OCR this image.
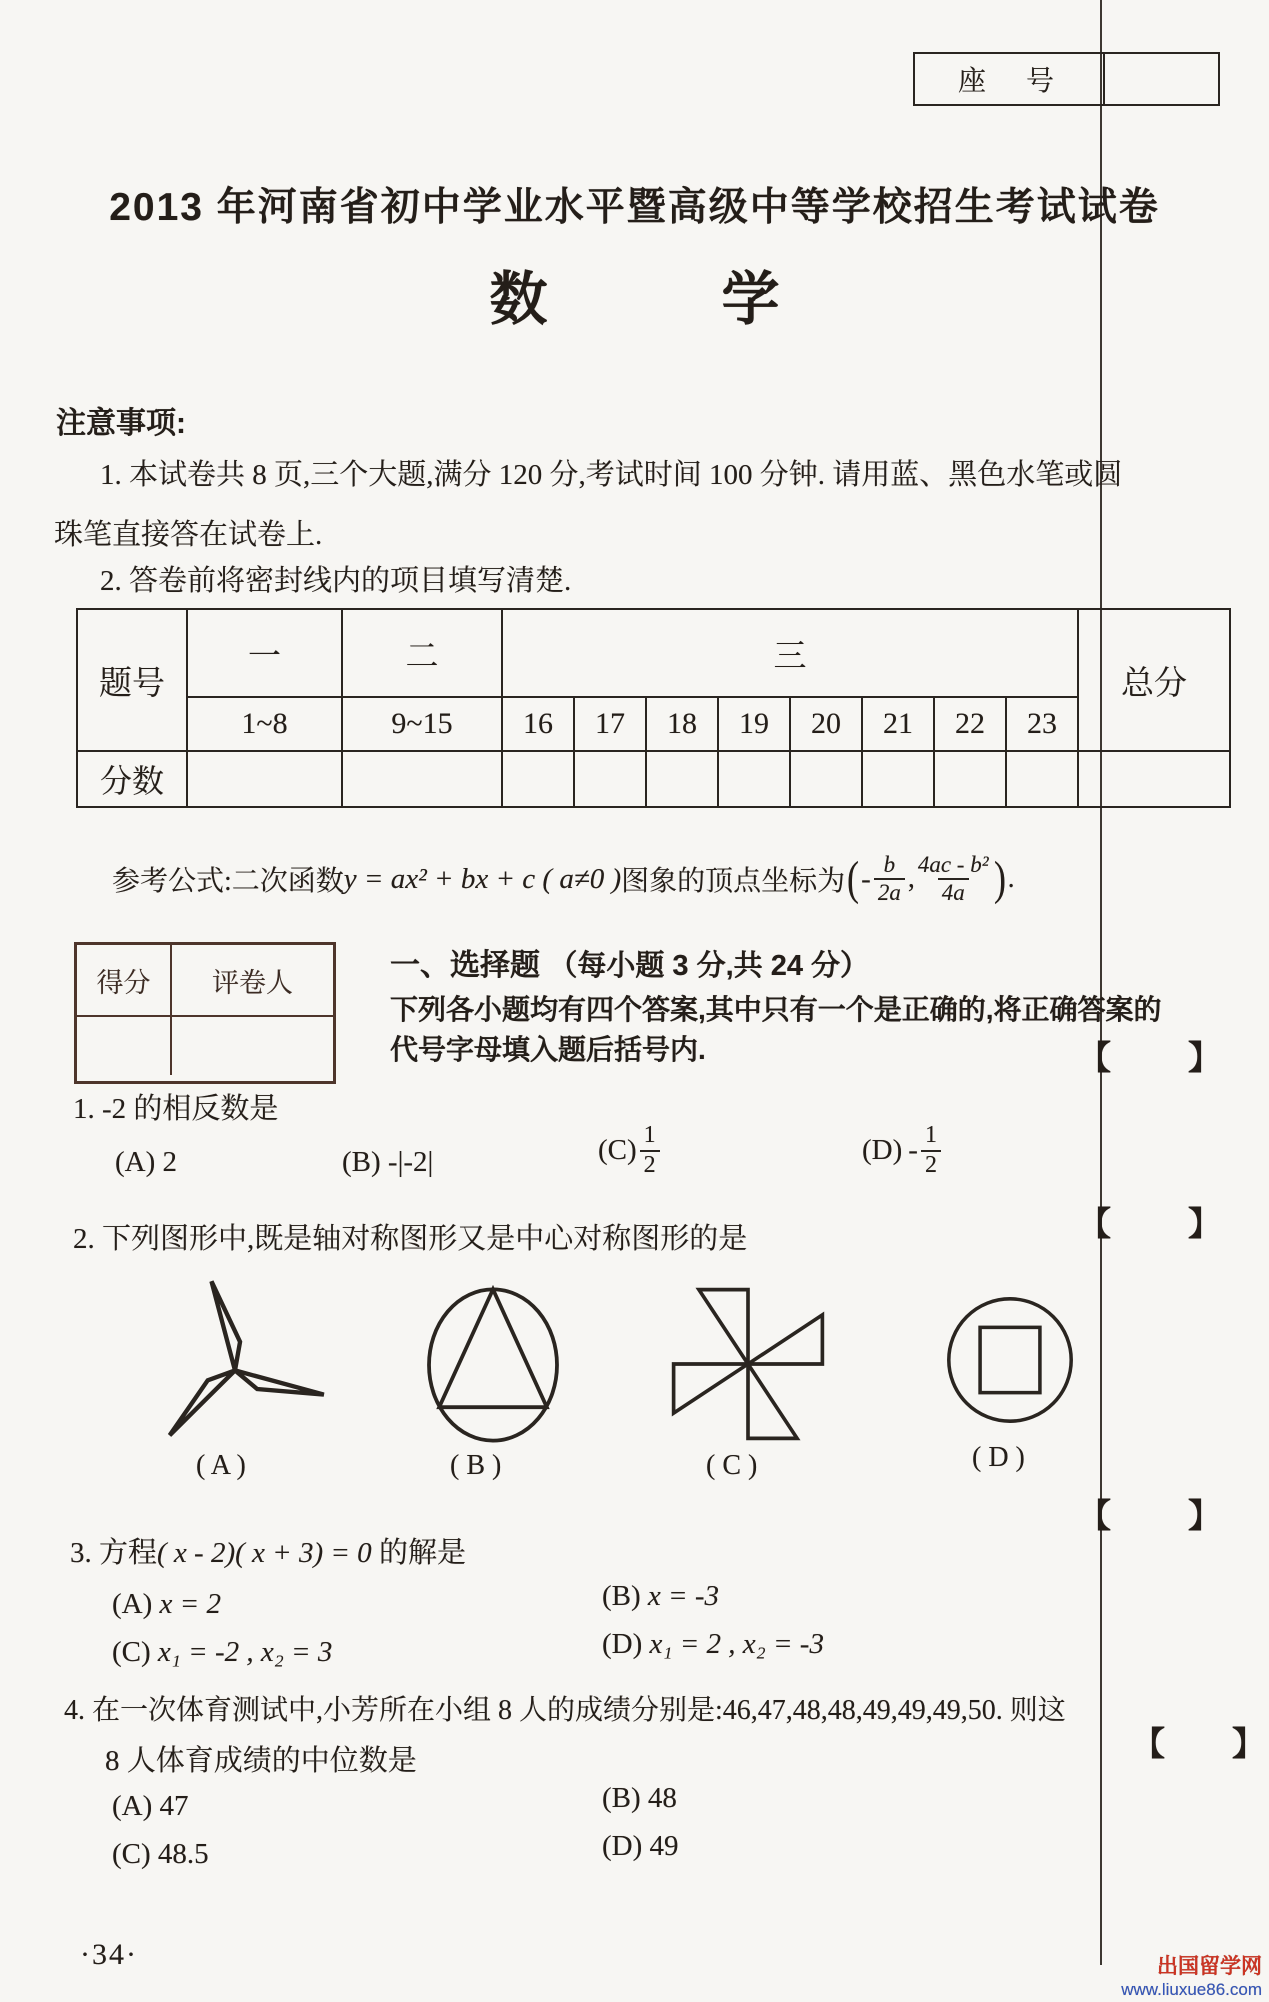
座　号
2013 年河南省初中学业水平暨高级中等学校招生考试试卷
数　　　学
注意事项:
1. 本试卷共 8 页,三个大题,满分 120 分,考试时间 100 分钟. 请用蓝、黑色水笔或圆
珠笔直接答在试卷上.
2. 答卷前将密封线内的项目填写清楚.
题号	一	二	三								总分
	1~8	9~15	16	17	18	19	20	21	22	23	
分数											
参考公式:二次函数 y = ax² + bx + c ( a≠0 ) 图象的顶点坐标为 ( - $\frac{b}{2a}$ , $\frac{\text{4ac - b²}}{4a}$ ) .
得分	评卷人
一、选择题 （每小题 3 分,共 24 分）
下列各小题均有四个答案,其中只有一个是正确的,将正确答案的
代号字母填入题后括号内.	【 】
1. -2 的相反数是
(A) 2	(B) -|-2|	$(C) \frac{1}{2}$	$(D) - \frac{1}{2}$
【 】
2. 下列图形中,既是轴对称图形又是中心对称图形的是
( A )	( B )	( C )	( D )
【 】
3. 方程( x - 2)( x + 3) = 0 的解是
(A) x = 2	(B) x = -3
(C) x₁ = -2 , x₂ = 3	(D) x₁ = 2 , x₂ = -3
4. 在一次体育测试中,小芳所在小组 8 人的成绩分别是:46,47,48,48,49,49,49,50. 则这
【 】
8 人体育成绩的中位数是
(A) 47	(B) 48
(C) 48.5	(D) 49
·34·	出国留学网
www.liuxue86.com
